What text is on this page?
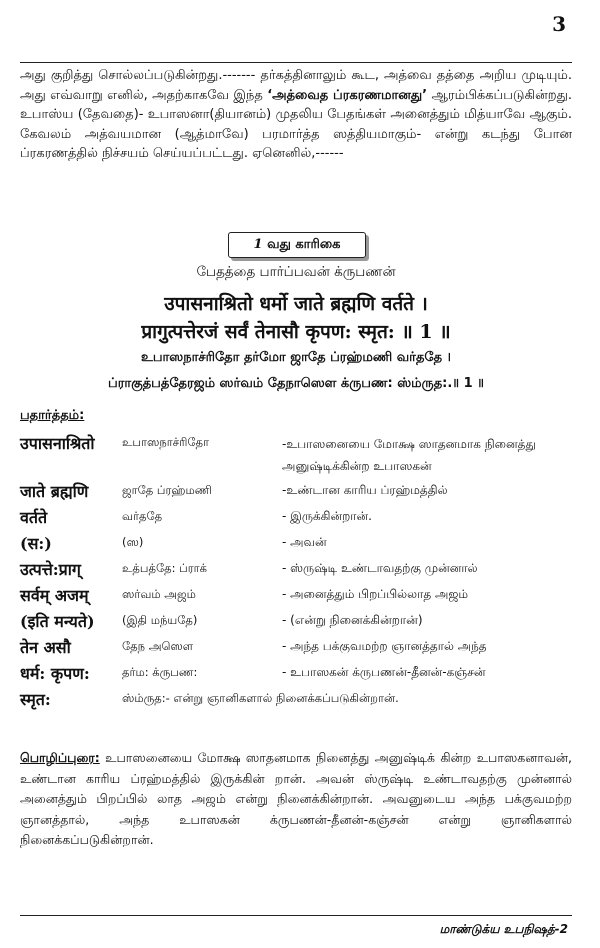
3

அது குறித்து சொல்லப்படுகின்றது.------- தர்கத்தினாலும் கூட, அத்வை தத்தை அறிய முடியும். அது எவ்வாறு எனில், அதற்காகவே இந்த ‘அத்வைத ப்ரகரணமானது’ ஆரம்பிக்கப்படுகின்றது. உபாஸ்ய (தேவதை)- உபாஸனா(தியானம்) முதலிய பேதங்கள் அனைத்தும் மித்யாவே ஆகும். கேவலம் அத்வயமான (ஆத்மாவே) பரமார்த்த ஸத்தியமாகும்- என்று கடந்து போன ப்ரகரணத்தில் நிச்சயம் செய்யப்பட்டது. ஏனெனில்,------

1 வது காரிகை

பேதத்தை பார்ப்பவன் க்ருபணன்

उपासनाश्रितो धर्मो जाते ब्रह्मणि वर्तते ।

प्रागुत्पत्तेरजं सर्वं तेनासौ कृपण: स्मृत: ॥ 1 ॥

உபாஸநாச்ரிதோ தர்மோ ஜாதே ப்ரஹ்மணி வர்ததே ।

ப்ராகுத்பத்தேரஜம் ஸர்வம் தேநாஸௌ க்ருபண: ஸ்ம்ருத:.॥ 1 ॥

பதார்த்தம்:
उपासनाश्रितो	உபாஸநாச்ரிதோ	-உபாஸனையை மோக்ஷ ஸாதனமாக நினைத்து அனுஷ்டிக்கின்ற உபாஸகன்
जाते ब्रह्मणि	ஜாதே ப்ரஹ்மணி	-உண்டான காரிய ப்ரஹ்மத்தில்
वर्तते	வர்ததே	- இருக்கின்றான்.
(स:)	(ஸ)	- அவன்
उत्पत्ते:प्राग्	உத்பத்தே: ப்ராக்	- ஸ்ருஷ்டி உண்டாவதற்கு முன்னால்
सर्वम् अजम्	ஸர்வம் அஜம்	- அனைத்தும் பிறப்பில்லாத அஜம்
(इति मन्यते)	(இதி மந்யதே)	- (என்று நினைக்கின்றான்)
तेन असौ	தேந அஸௌ	- அந்த பக்குவமற்ற ஞானத்தால் அந்த
धर्म: कृपण:	தர்ம: க்ருபண:	- உபாஸகன் க்ருபணன்-தீனன்-கஞ்சன்
स्मृत:	ஸ்ம்ருத:- என்று ஞானிகளால் நினைக்கப்படுகின்றான்.

பொழிப்புரை: உபாஸனையை மோக்ஷ ஸாதனமாக நினைத்து அனுஷ்டிக் கின்ற உபாஸகனாவன், உண்டான காரிய ப்ரஹ்மத்தில் இருக்கின் றான். அவன் ஸ்ருஷ்டி உண்டாவதற்கு முன்னால் அனைத்தும் பிறப்பில் லாத அஜம் என்று நினைக்கின்றான். அவனுடைய அந்த பக்குவமற்ற ஞானத்தால், அந்த உபாஸகன் க்ருபணன்-தீனன்-கஞ்சன் என்று ஞானிகளால் நினைக்கப்படுகின்றான்.

மாண்டுக்ய உபநிஷத்-2
